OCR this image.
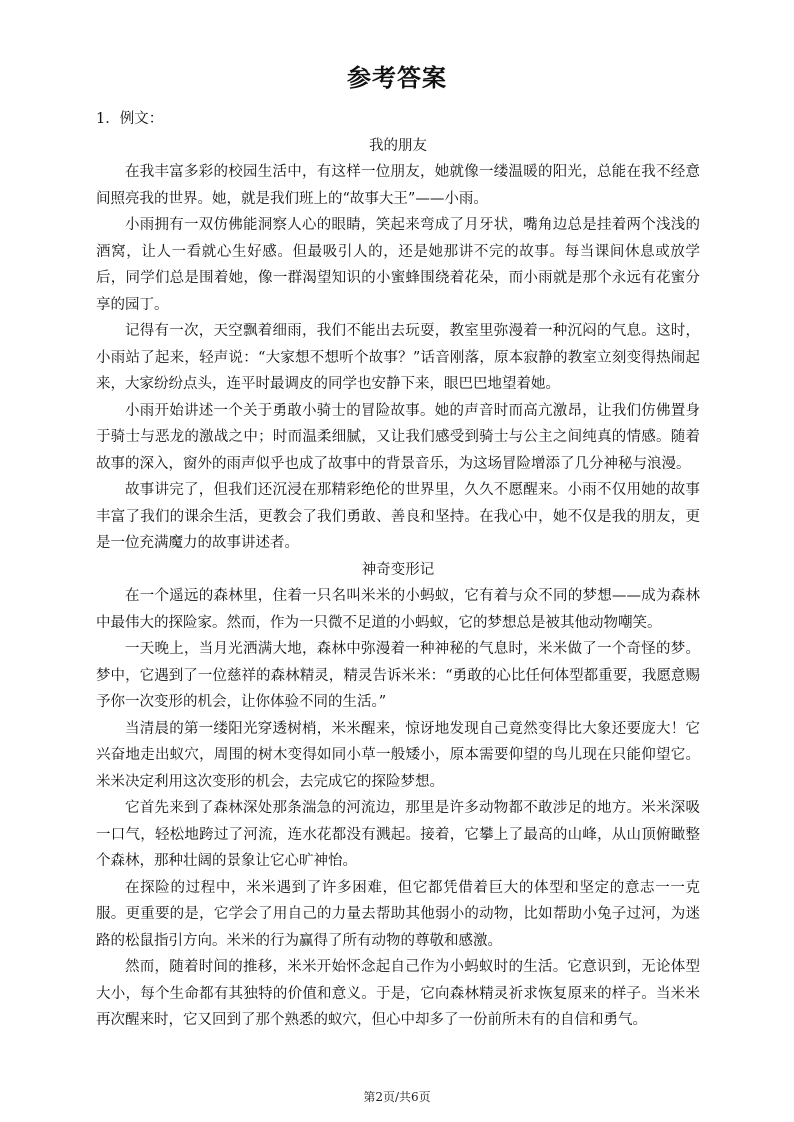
参考答案

1．例文：

我的朋友

在我丰富多彩的校园生活中，有这样一位朋友，她就像一缕温暖的阳光，总能在我不经意间照亮我的世界。她，就是我们班上的“故事大王”——小雨。

小雨拥有一双仿佛能洞察人心的眼睛，笑起来弯成了月牙状，嘴角边总是挂着两个浅浅的酒窝，让人一看就心生好感。但最吸引人的，还是她那讲不完的故事。每当课间休息或放学后，同学们总是围着她，像一群渴望知识的小蜜蜂围绕着花朵，而小雨就是那个永远有花蜜分享的园丁。

记得有一次，天空飘着细雨，我们不能出去玩耍，教室里弥漫着一种沉闷的气息。这时，小雨站了起来，轻声说：“大家想不想听个故事？”话音刚落，原本寂静的教室立刻变得热闹起来，大家纷纷点头，连平时最调皮的同学也安静下来，眼巴巴地望着她。

小雨开始讲述一个关于勇敢小骑士的冒险故事。她的声音时而高亢激昂，让我们仿佛置身于骑士与恶龙的激战之中；时而温柔细腻，又让我们感受到骑士与公主之间纯真的情感。随着故事的深入，窗外的雨声似乎也成了故事中的背景音乐，为这场冒险增添了几分神秘与浪漫。

故事讲完了，但我们还沉浸在那精彩绝伦的世界里，久久不愿醒来。小雨不仅用她的故事丰富了我们的课余生活，更教会了我们勇敢、善良和坚持。在我心中，她不仅是我的朋友，更是一位充满魔力的故事讲述者。

神奇变形记

在一个遥远的森林里，住着一只名叫米米的小蚂蚁，它有着与众不同的梦想——成为森林中最伟大的探险家。然而，作为一只微不足道的小蚂蚁，它的梦想总是被其他动物嘲笑。

一天晚上，当月光洒满大地，森林中弥漫着一种神秘的气息时，米米做了一个奇怪的梦。梦中，它遇到了一位慈祥的森林精灵，精灵告诉米米：“勇敢的心比任何体型都重要，我愿意赐予你一次变形的机会，让你体验不同的生活。”

当清晨的第一缕阳光穿透树梢，米米醒来，惊讶地发现自己竟然变得比大象还要庞大！它兴奋地走出蚁穴，周围的树木变得如同小草一般矮小，原本需要仰望的鸟儿现在只能仰望它。米米决定利用这次变形的机会，去完成它的探险梦想。

它首先来到了森林深处那条湍急的河流边，那里是许多动物都不敢涉足的地方。米米深吸一口气，轻松地跨过了河流，连水花都没有溅起。接着，它攀上了最高的山峰，从山顶俯瞰整个森林，那种壮阔的景象让它心旷神怡。

在探险的过程中，米米遇到了许多困难，但它都凭借着巨大的体型和坚定的意志一一克服。更重要的是，它学会了用自己的力量去帮助其他弱小的动物，比如帮助小兔子过河，为迷路的松鼠指引方向。米米的行为赢得了所有动物的尊敬和感激。

然而，随着时间的推移，米米开始怀念起自己作为小蚂蚁时的生活。它意识到，无论体型大小，每个生命都有其独特的价值和意义。于是，它向森林精灵祈求恢复原来的样子。当米米再次醒来时，它又回到了那个熟悉的蚁穴，但心中却多了一份前所未有的自信和勇气。

第2页/共6页
